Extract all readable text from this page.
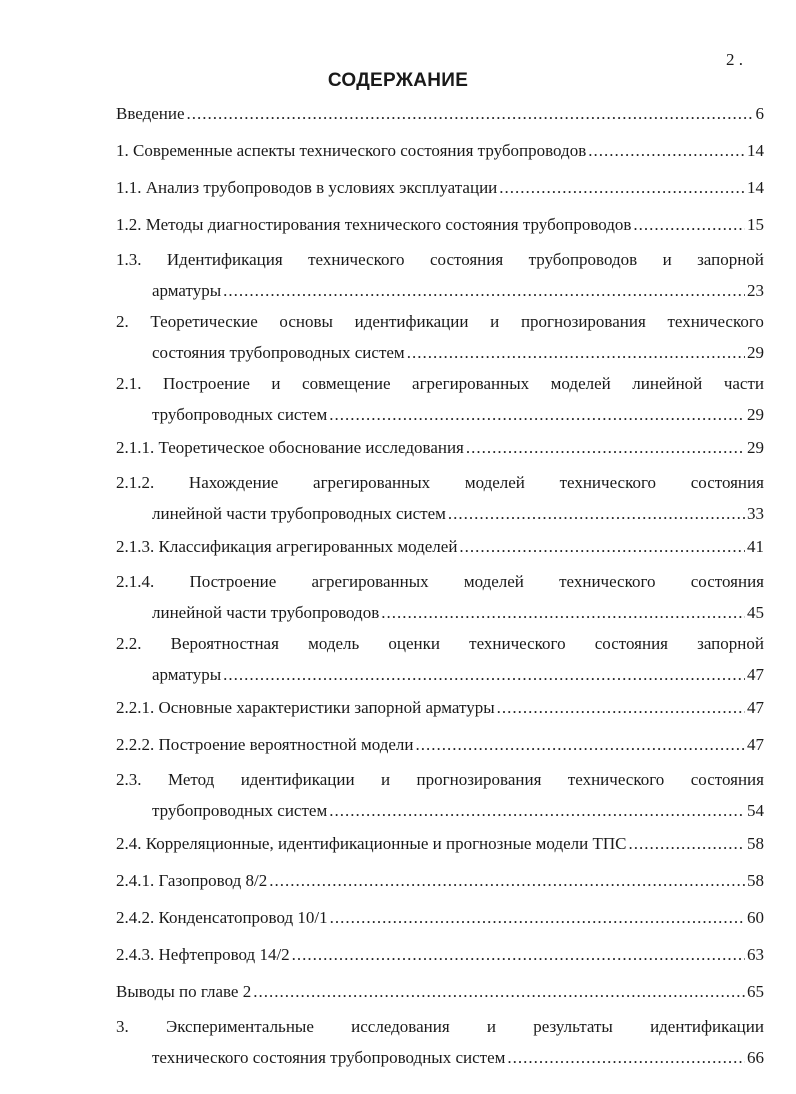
2 .
СОДЕРЖАНИЕ
Введение .....	6
1. Современные аспекты технического состояния трубопроводов .....	14
1.1. Анализ трубопроводов в условиях эксплуатации .....	14
1.2. Методы диагностирования технического состояния трубопроводов .....	15
1.3. Идентификация технического состояния трубопроводов и запорной
арматуры .....	23
2. Теоретические основы идентификации и прогнозирования технического
состояния трубопроводных систем .....	29
2.1. Построение и совмещение агрегированных моделей линейной части
трубопроводных систем .....	29
2.1.1. Теоретическое обоснование исследования .....	29
2.1.2. Нахождение агрегированных моделей технического состояния
линейной части трубопроводных систем .....	33
2.1.3. Классификация агрегированных моделей .....	41
2.1.4. Построение агрегированных моделей технического состояния
линейной части трубопроводов .....	45
2.2. Вероятностная модель оценки технического состояния запорной
арматуры .....	47
2.2.1. Основные характеристики запорной арматуры .....	47
2.2.2. Построение вероятностной модели .....	47
2.3. Метод идентификации и прогнозирования технического состояния
трубопроводных систем .....	54
2.4. Корреляционные, идентификационные и прогнозные модели ТПС .....	58
2.4.1. Газопровод 8/2 .....	58
2.4.2. Конденсатопровод 10/1 .....	60
2.4.3. Нефтепровод 14/2 .....	63
Выводы по главе 2 .....	65
3. Экспериментальные исследования и результаты идентификации
технического состояния трубопроводных систем .....	66
